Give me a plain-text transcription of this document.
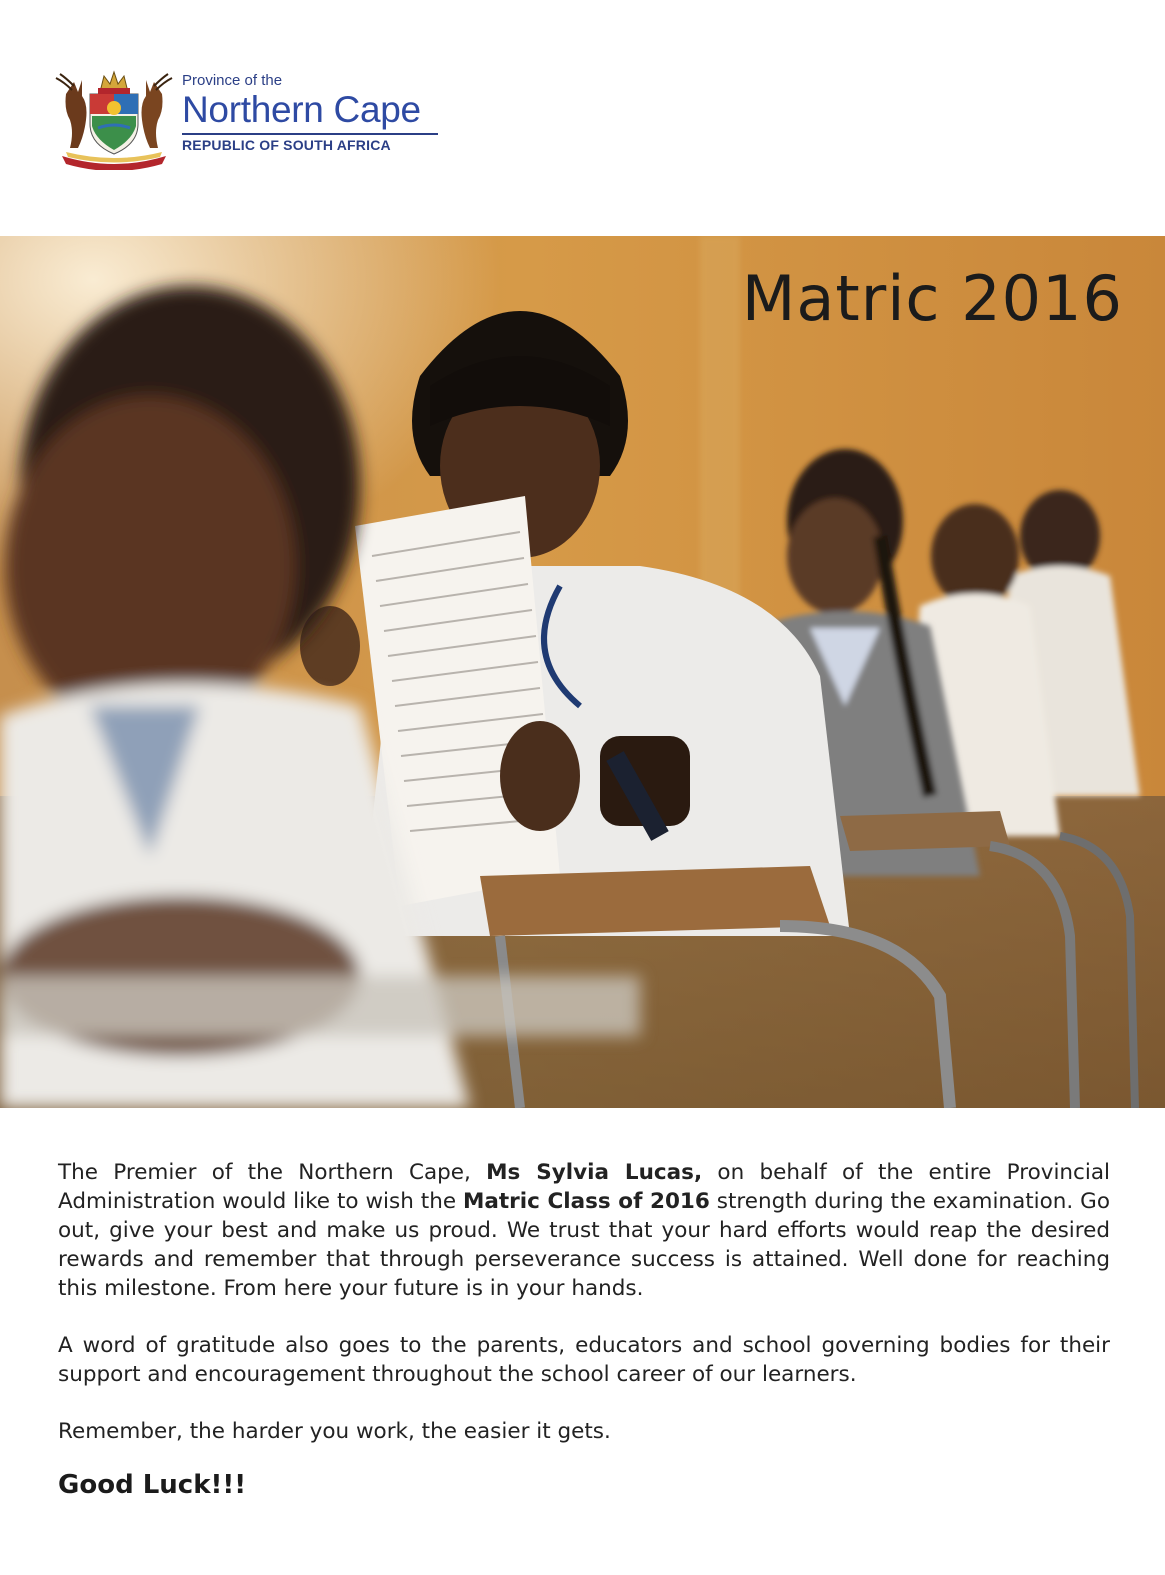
Province of the
Northern Cape
REPUBLIC OF SOUTH AFRICA
Matric 2016

The Premier of the Northern Cape, Ms Sylvia Lucas, on behalf of the entire Provincial Administration would like to wish the Matric Class of 2016 strength during the examination. Go out, give your best and make us proud. We trust that your hard efforts would reap the desired rewards and remember that through perseverance success is attained. Well done for reaching this milestone. From here your future is in your hands.

A word of gratitude also goes to the parents, educators and school governing bodies for their support and encouragement throughout the school career of our learners.

Remember, the harder you work, the easier it gets.

Good Luck!!!
